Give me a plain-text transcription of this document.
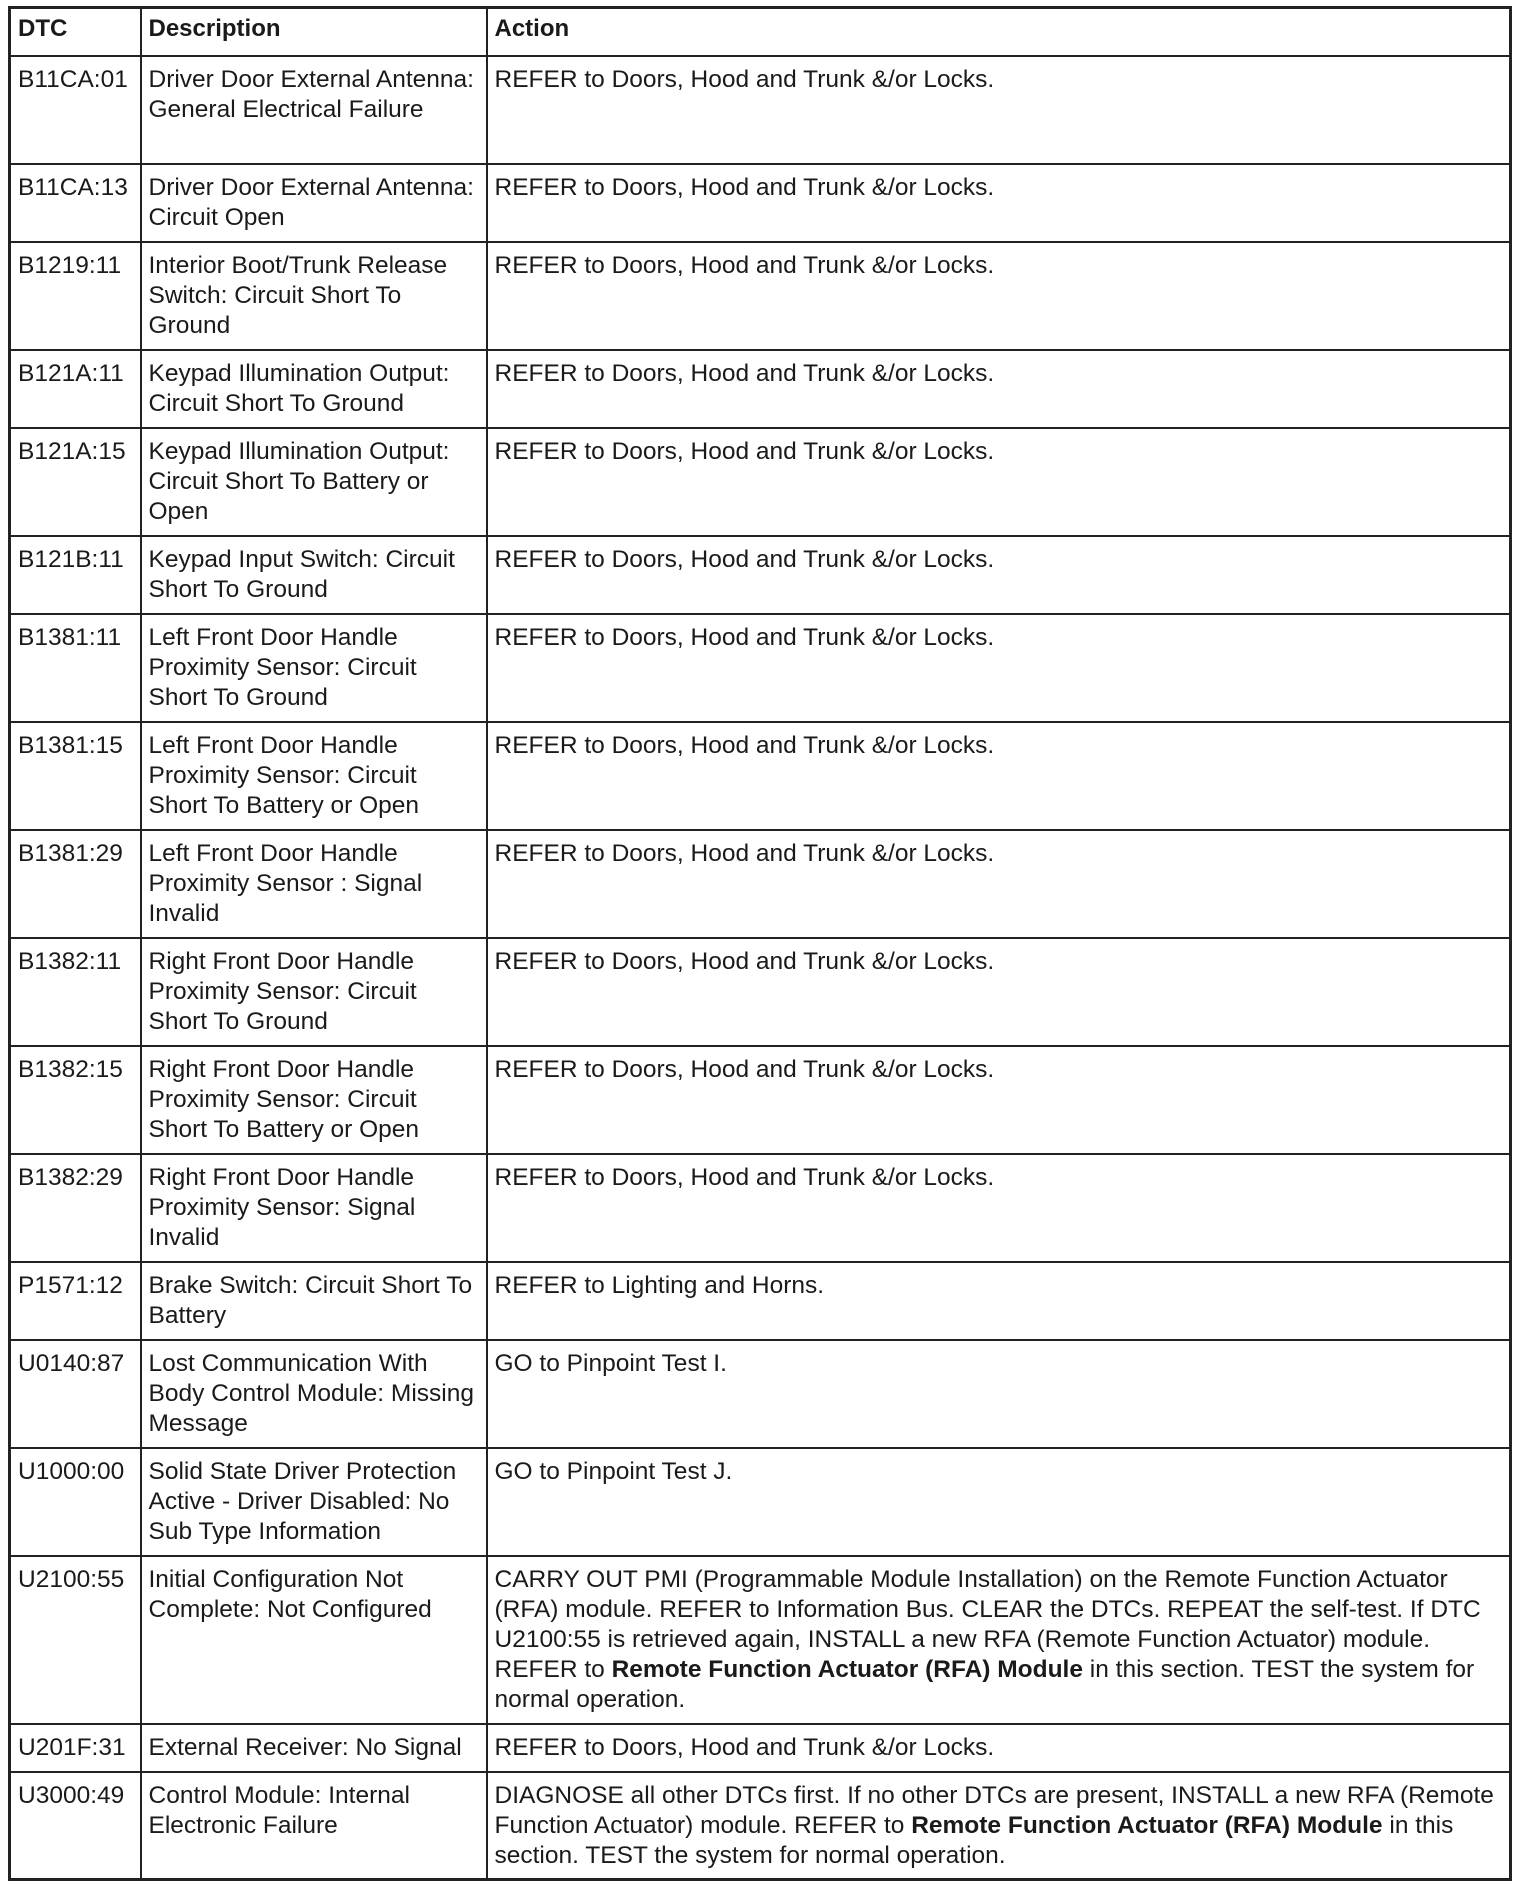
DTC	Description	Action
B11CA:01	Driver Door External Antenna: General Electrical Failure	REFER to Doors, Hood and Trunk &/or Locks.
B11CA:13	Driver Door External Antenna: Circuit Open	REFER to Doors, Hood and Trunk &/or Locks.
B1219:11	Interior Boot/Trunk Release Switch: Circuit Short To Ground	REFER to Doors, Hood and Trunk &/or Locks.
B121A:11	Keypad Illumination Output: Circuit Short To Ground	REFER to Doors, Hood and Trunk &/or Locks.
B121A:15	Keypad Illumination Output: Circuit Short To Battery or Open	REFER to Doors, Hood and Trunk &/or Locks.
B121B:11	Keypad Input Switch: Circuit Short To Ground	REFER to Doors, Hood and Trunk &/or Locks.
B1381:11	Left Front Door Handle Proximity Sensor: Circuit Short To Ground	REFER to Doors, Hood and Trunk &/or Locks.
B1381:15	Left Front Door Handle Proximity Sensor: Circuit Short To Battery or Open	REFER to Doors, Hood and Trunk &/or Locks.
B1381:29	Left Front Door Handle Proximity Sensor : Signal Invalid	REFER to Doors, Hood and Trunk &/or Locks.
B1382:11	Right Front Door Handle Proximity Sensor: Circuit Short To Ground	REFER to Doors, Hood and Trunk &/or Locks.
B1382:15	Right Front Door Handle Proximity Sensor: Circuit Short To Battery or Open	REFER to Doors, Hood and Trunk &/or Locks.
B1382:29	Right Front Door Handle Proximity Sensor: Signal Invalid	REFER to Doors, Hood and Trunk &/or Locks.
P1571:12	Brake Switch: Circuit Short To Battery	REFER to Lighting and Horns.
U0140:87	Lost Communication With Body Control Module: Missing Message	GO to Pinpoint Test I.
U1000:00	Solid State Driver Protection Active - Driver Disabled: No Sub Type Information	GO to Pinpoint Test J.
U2100:55	Initial Configuration Not Complete: Not Configured	CARRY OUT PMI (Programmable Module Installation) on the Remote Function Actuator (RFA) module. REFER to Information Bus. CLEAR the DTCs. REPEAT the self-test. If DTC U2100:55 is retrieved again, INSTALL a new RFA (Remote Function Actuator) module. REFER to Remote Function Actuator (RFA) Module in this section. TEST the system for normal operation.
U201F:31	External Receiver: No Signal	REFER to Doors, Hood and Trunk &/or Locks.
U3000:49	Control Module: Internal Electronic Failure	DIAGNOSE all other DTCs first. If no other DTCs are present, INSTALL a new RFA (Remote Function Actuator) module. REFER to Remote Function Actuator (RFA) Module in this section. TEST the system for normal operation.
